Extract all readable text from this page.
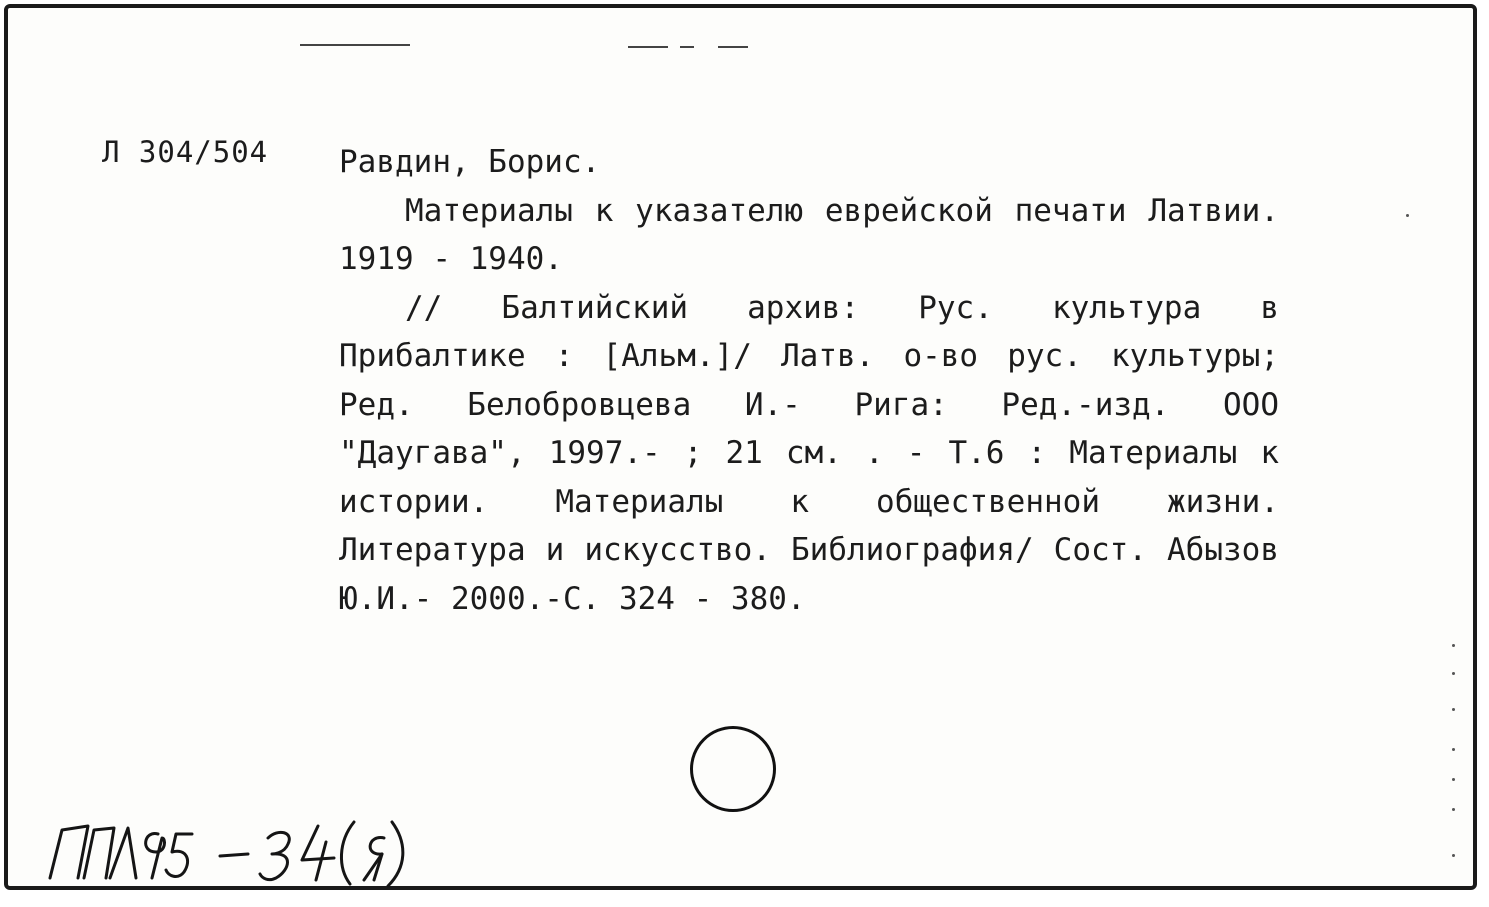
Л 304/504 Равдин, Борис.

Материалы к указателю еврейской печати Латвии. 1919 - 1940.

// Балтийский архив: Рус. культура в Прибалтике : [Альм.]/ Латв. о-во рус. культуры; Ред. Белобровцева И.- Рига: Ред.-изд. ООО "Даугава", 1997.- ; 21 см. . - Т.6 : Материалы к истории. Материалы к общественной жизни. Литература и искусство. Библиография/ Сост. Абызов Ю.И.- 2000.-С. 324 - 380.
